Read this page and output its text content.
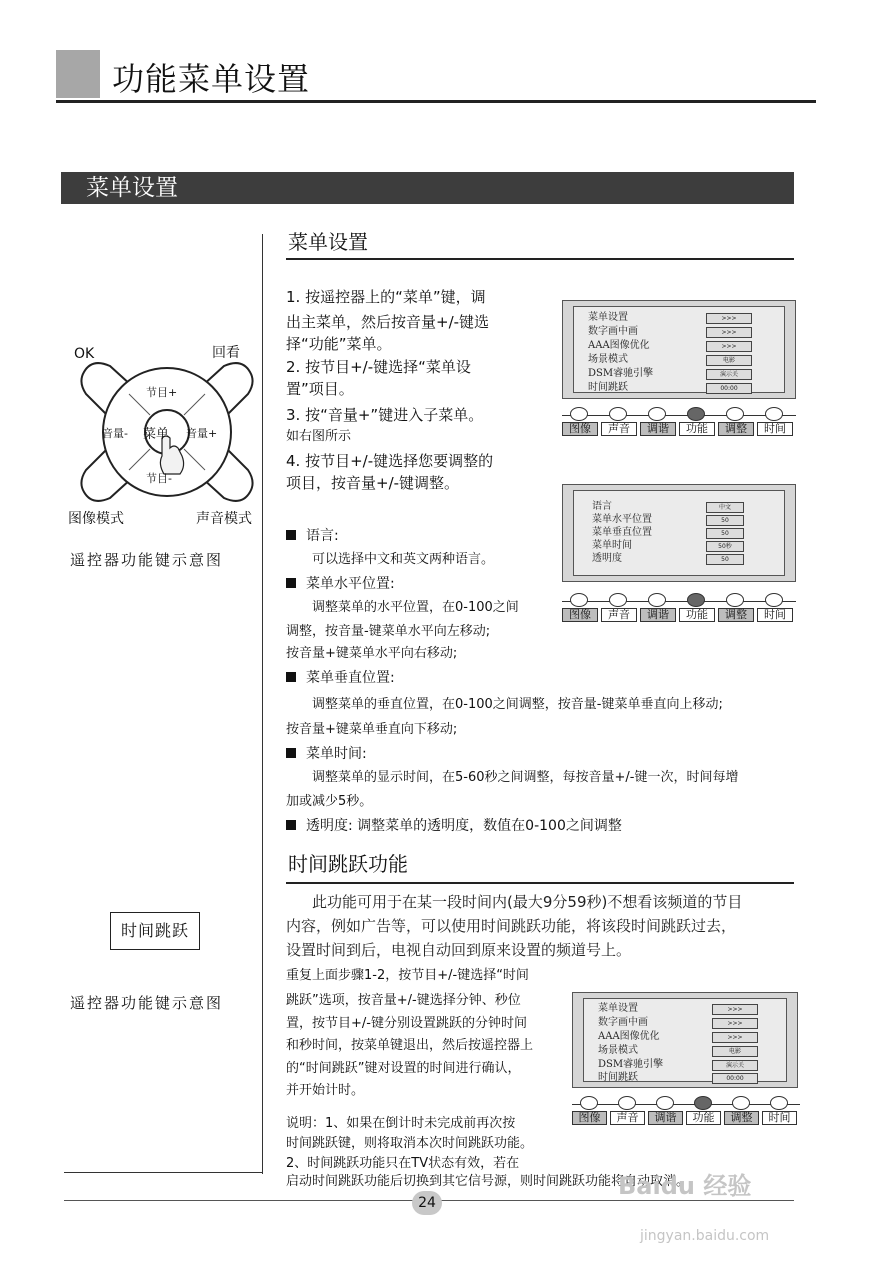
功能菜单设置
菜单设置
OK	回看
节目+
节目-
音量-	音量+
菜单
图像模式	声音模式
遥控器功能键示意图
时间跳跃
遥控器功能键示意图
菜单设置
1. 按遥控器上的“菜单”键，调
出主菜单，然后按音量+/-键选
择“功能”菜单。
2. 按节目+/-键选择“菜单设
置”项目。
3. 按“音量+”键进入子菜单。
如右图所示
4. 按节目+/-键选择您要调整的
项目，按音量+/-键调整。
菜单设置	>>>
数字画中画	>>>
AAA图像优化	>>>
场景模式	电影
DSM睿驰引擎	演示关
时间跳跃	00:00
图像	声音	调谐	功能	调整	时间
语言	中文
菜单水平位置	50
菜单垂直位置	50
菜单时间	50秒
透明度	50
图像	声音	调谐	功能	调整	时间
语言:
可以选择中文和英文两种语言。
菜单水平位置:
调整菜单的水平位置，在0-100之间
调整，按音量-键菜单水平向左移动;
按音量+键菜单水平向右移动;
菜单垂直位置:
调整菜单的垂直位置，在0-100之间调整，按音量-键菜单垂直向上移动;
按音量+键菜单垂直向下移动;
菜单时间:
调整菜单的显示时间，在5-60秒之间调整，每按音量+/-键一次，时间每增
加或减少5秒。
透明度: 调整菜单的透明度，数值在0-100之间调整
时间跳跃功能
此功能可用于在某一段时间内(最大9分59秒)不想看该频道的节目
内容，例如广告等，可以使用时间跳跃功能，将该段时间跳跃过去，
设置时间到后，电视自动回到原来设置的频道号上。
重复上面步骤1-2，按节目+/-键选择“时间
跳跃”选项，按音量+/-键选择分钟、秒位
置，按节目+/-键分别设置跳跃的分钟时间
和秒时间，按菜单键退出，然后按遥控器上
的“时间跳跃”键对设置的时间进行确认，
并开始计时。
菜单设置	>>>
数字画中画	>>>
AAA图像优化	>>>
场景模式	电影
DSM睿驰引擎	演示关
时间跳跃	00:00
图像	声音	调谐	功能	调整	时间
说明：1、如果在倒计时未完成前再次按
时间跳跃键，则将取消本次时间跳跃功能。
2、时间跳跃功能只在TV状态有效，若在
启动时间跳跃功能后切换到其它信号源，则时间跳跃功能将自动取消。
24
Baidu 经验
jingyan.baidu.com
